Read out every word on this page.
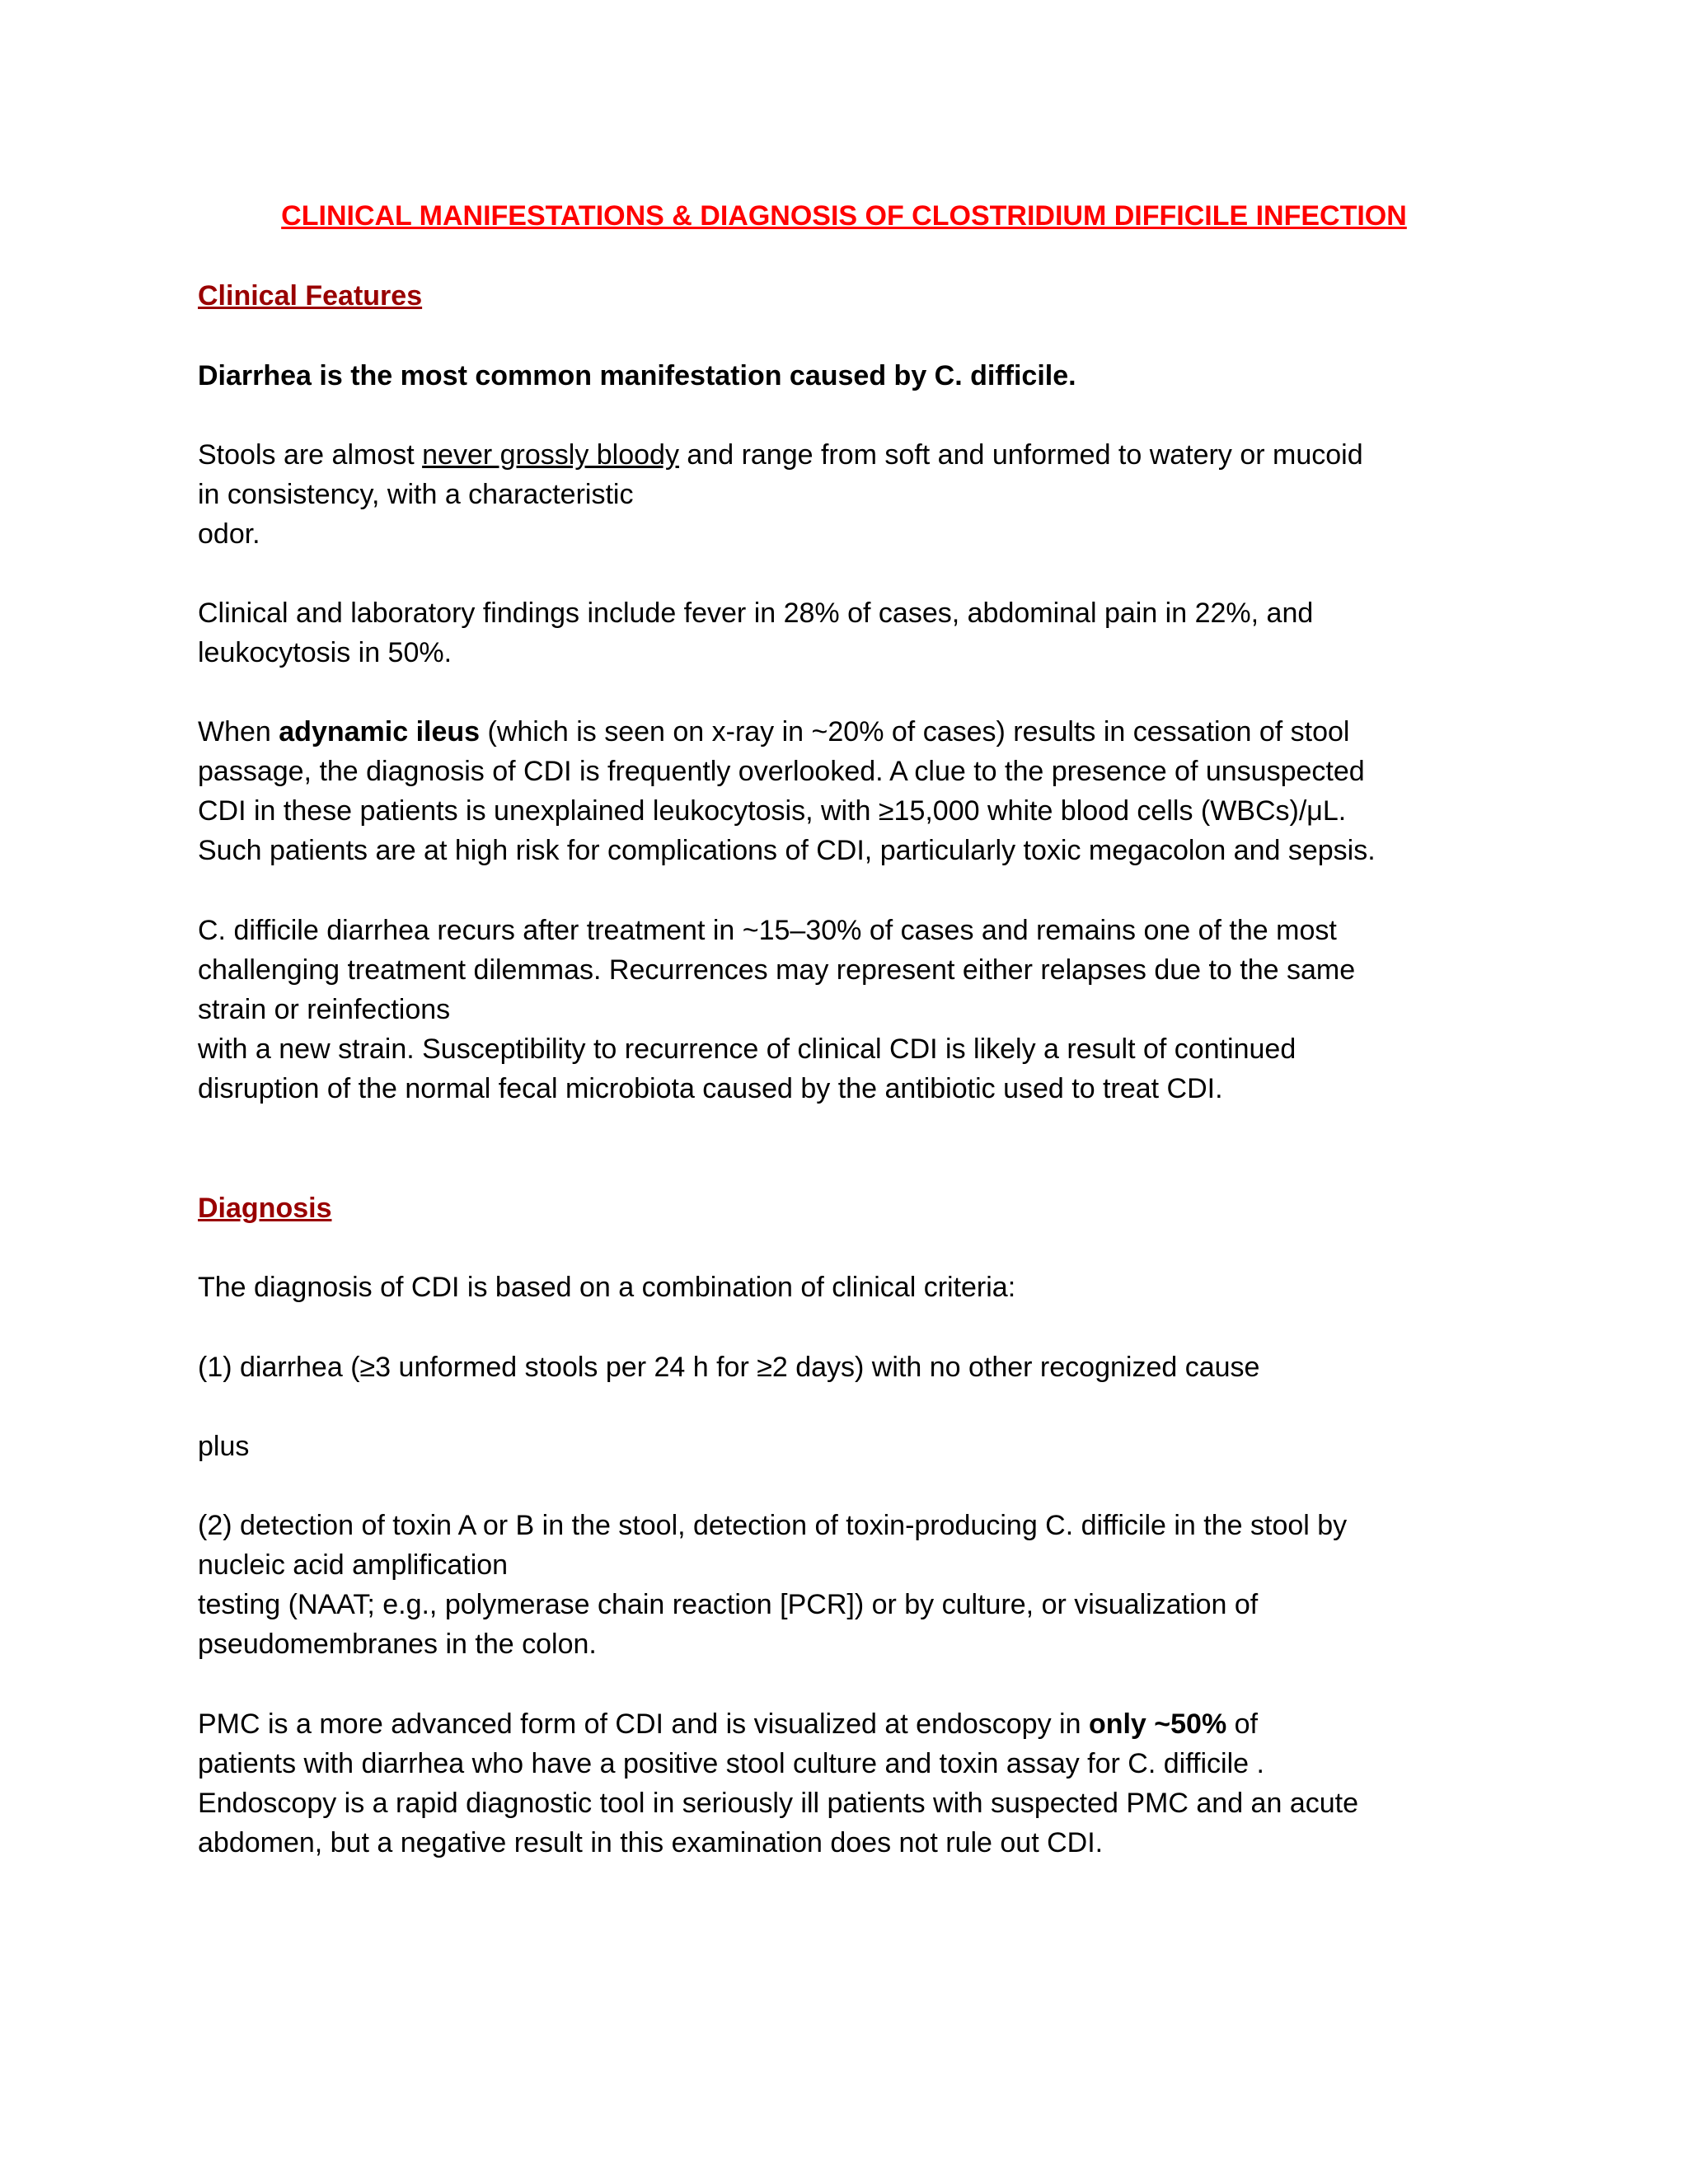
CLINICAL MANIFESTATIONS & DIAGNOSIS OF CLOSTRIDIUM DIFFICILE INFECTION
Clinical Features

Diarrhea is the most common manifestation caused by C. difficile.

Stools are almost never grossly bloody and range from soft and unformed to watery or mucoid
in consistency, with a characteristic
odor.

Clinical and laboratory findings include fever in 28% of cases, abdominal pain in 22%, and
leukocytosis in 50%.

When adynamic ileus (which is seen on x-ray in ~20% of cases) results in cessation of stool
passage, the diagnosis of CDI is frequently overlooked. A clue to the presence of unsuspected
CDI in these patients is unexplained leukocytosis, with ≥15,000 white blood cells (WBCs)/μL.
Such patients are at high risk for complications of CDI, particularly toxic megacolon and sepsis.

C. difficile diarrhea recurs after treatment in ~15–30% of cases and remains one of the most
challenging treatment dilemmas. Recurrences may represent either relapses due to the same
strain or reinfections
with a new strain. Susceptibility to recurrence of clinical CDI is likely a result of continued
disruption of the normal fecal microbiota caused by the antibiotic used to treat CDI.

Diagnosis

The diagnosis of CDI is based on a combination of clinical criteria:

(1) diarrhea (≥3 unformed stools per 24 h for ≥2 days) with no other recognized cause

plus

(2) detection of toxin A or B in the stool, detection of toxin-producing C. difficile in the stool by
nucleic acid amplification
testing (NAAT; e.g., polymerase chain reaction [PCR]) or by culture, or visualization of
pseudomembranes in the colon.

PMC is a more advanced form of CDI and is visualized at endoscopy in only ~50% of
patients with diarrhea who have a positive stool culture and toxin assay for C. difficile .
Endoscopy is a rapid diagnostic tool in seriously ill patients with suspected PMC and an acute
abdomen, but a negative result in this examination does not rule out CDI.
